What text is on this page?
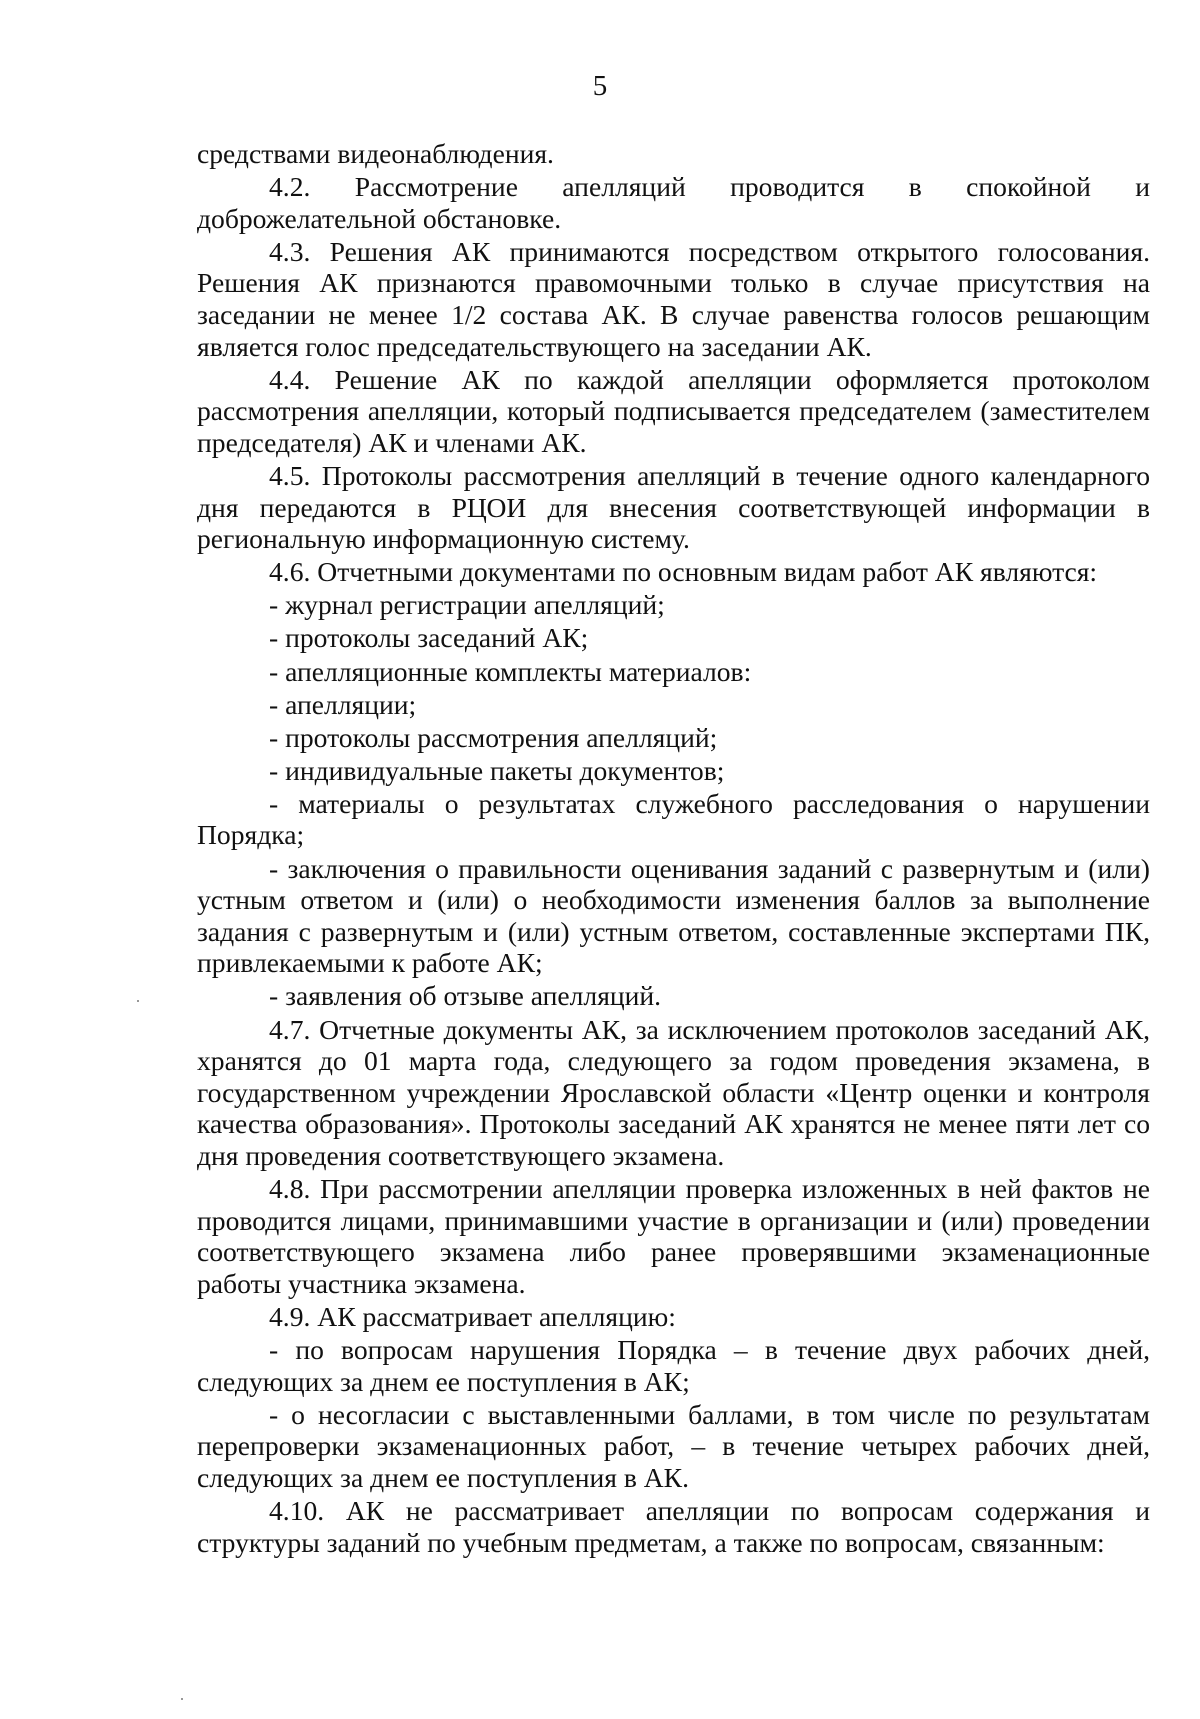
5

средствами видеонаблюдения.

4.2. Рассмотрение апелляций проводится в спокойной и доброжелательной обстановке.

4.3. Решения АК принимаются посредством открытого голосования. Решения АК признаются правомочными только в случае присутствия на заседании не менее 1/2 состава АК. В случае равенства голосов решающим является голос председательствующего на заседании АК.

4.4. Решение АК по каждой апелляции оформляется протоколом рассмотрения апелляции, который подписывается председателем (заместителем председателя) АК и членами АК.

4.5. Протоколы рассмотрения апелляций в течение одного календарного дня передаются в РЦОИ для внесения соответствующей информации в региональную информационную систему.

4.6. Отчетными документами по основным видам работ АК являются:

- журнал регистрации апелляций;

- протоколы заседаний АК;

- апелляционные комплекты материалов:

- апелляции;

- протоколы рассмотрения апелляций;

- индивидуальные пакеты документов;

- материалы о результатах служебного расследования о нарушении Порядка;

- заключения о правильности оценивания заданий с развернутым и (или) устным ответом и (или) о необходимости изменения баллов за выполнение задания с развернутым и (или) устным ответом, составленные экспертами ПК, привлекаемыми к работе АК;

- заявления об отзыве апелляций.

4.7. Отчетные документы АК, за исключением протоколов заседаний АК, хранятся до 01 марта года, следующего за годом проведения экзамена, в государственном учреждении Ярославской области «Центр оценки и контроля качества образования». Протоколы заседаний АК хранятся не менее пяти лет со дня проведения соответствующего экзамена.

4.8. При рассмотрении апелляции проверка изложенных в ней фактов не проводится лицами, принимавшими участие в организации и (или) проведении соответствующего экзамена либо ранее проверявшими экзаменационные работы участника экзамена.

4.9. АК рассматривает апелляцию:

- по вопросам нарушения Порядка – в течение двух рабочих дней, следующих за днем ее поступления в АК;

- о несогласии с выставленными баллами, в том числе по результатам перепроверки экзаменационных работ, – в течение четырех рабочих дней, следующих за днем ее поступления в АК.

4.10. АК не рассматривает апелляции по вопросам содержания и структуры заданий по учебным предметам, а также по вопросам, связанным:
